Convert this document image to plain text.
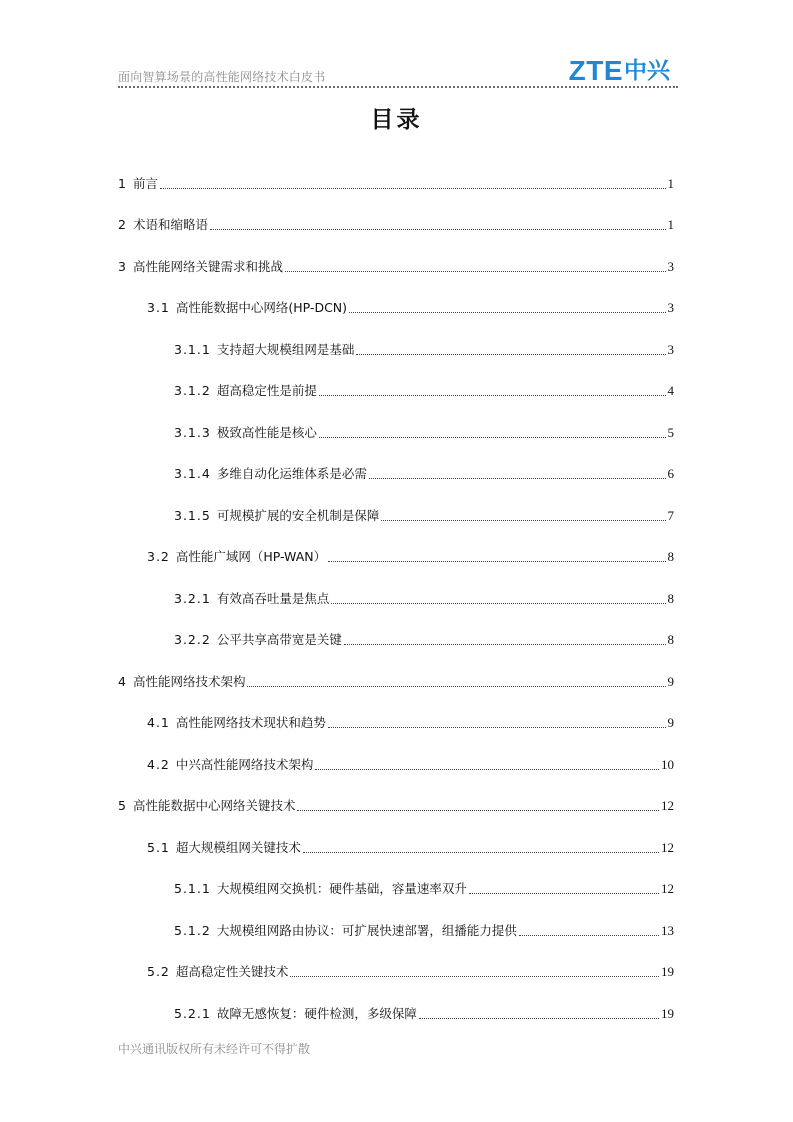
面向智算场景的高性能网络技术白皮书	ZTE 中兴
目录
1 前言	1
2 术语和缩略语	1
3 高性能网络关键需求和挑战	3
3.1 高性能数据中心网络(HP-DCN)	3
3.1.1 支持超大规模组网是基础	3
3.1.2 超高稳定性是前提	4
3.1.3 极致高性能是核心	5
3.1.4 多维自动化运维体系是必需	6
3.1.5 可规模扩展的安全机制是保障	7
3.2 高性能广域网（HP-WAN）	8
3.2.1 有效高吞吐量是焦点	8
3.2.2 公平共享高带宽是关键	8
4 高性能网络技术架构	9
4.1 高性能网络技术现状和趋势	9
4.2 中兴高性能网络技术架构	10
5 高性能数据中心网络关键技术	12
5.1 超大规模组网关键技术	12
5.1.1 大规模组网交换机：硬件基础，容量速率双升	12
5.1.2 大规模组网路由协议：可扩展快速部署，组播能力提供	13
5.2 超高稳定性关键技术	19
5.2.1 故障无感恢复：硬件检测，多级保障	19
中兴通讯版权所有未经许可不得扩散
